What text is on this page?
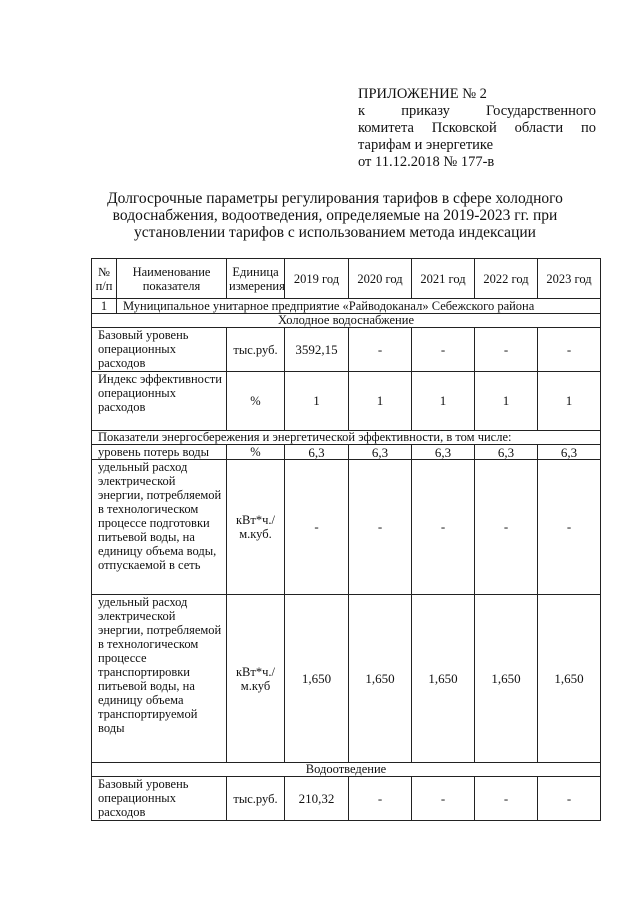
ПРИЛОЖЕНИЕ № 2
к приказу Государственного
комитета Псковской области по
тарифам и энергетике
от 11.12.2018 № 177-в
Долгосрочные параметры регулирования тарифов в сфере холодного водоснабжения, водоотведения, определяемые на 2019-2023 гг. при установлении тарифов с использованием метода индексации
№ п/п	Наименование показателя	Единица измерения	2019 год	2020 год	2021 год	2022 год	2023 год
1	Муниципальное унитарное предприятие «Райводоканал» Себежского района						
Холодное водоснабжение							
Базовый уровень операционных расходов		тыс.руб.	3592,15	-	-	-	-
Индекс эффективности операционных расходов		%	1	1	1	1	1
Показатели энергосбережения и энергетической эффективности, в том числе:							
уровень потерь воды		%	6,3	6,3	6,3	6,3	6,3
удельный расход электрической энергии, потребляемой в технологическом процессе подготовки питьевой воды, на единицу объема воды, отпускаемой в сеть		кВт*ч./м.куб.	-	-	-	-	-
удельный расход электрической энергии, потребляемой в технологическом процессе транспортировки питьевой воды, на единицу объема транспортируемой воды		кВт*ч./м.куб	1,650	1,650	1,650	1,650	1,650
Водоотведение							
Базовый уровень операционных расходов		тыс.руб.	210,32	-	-	-	-
